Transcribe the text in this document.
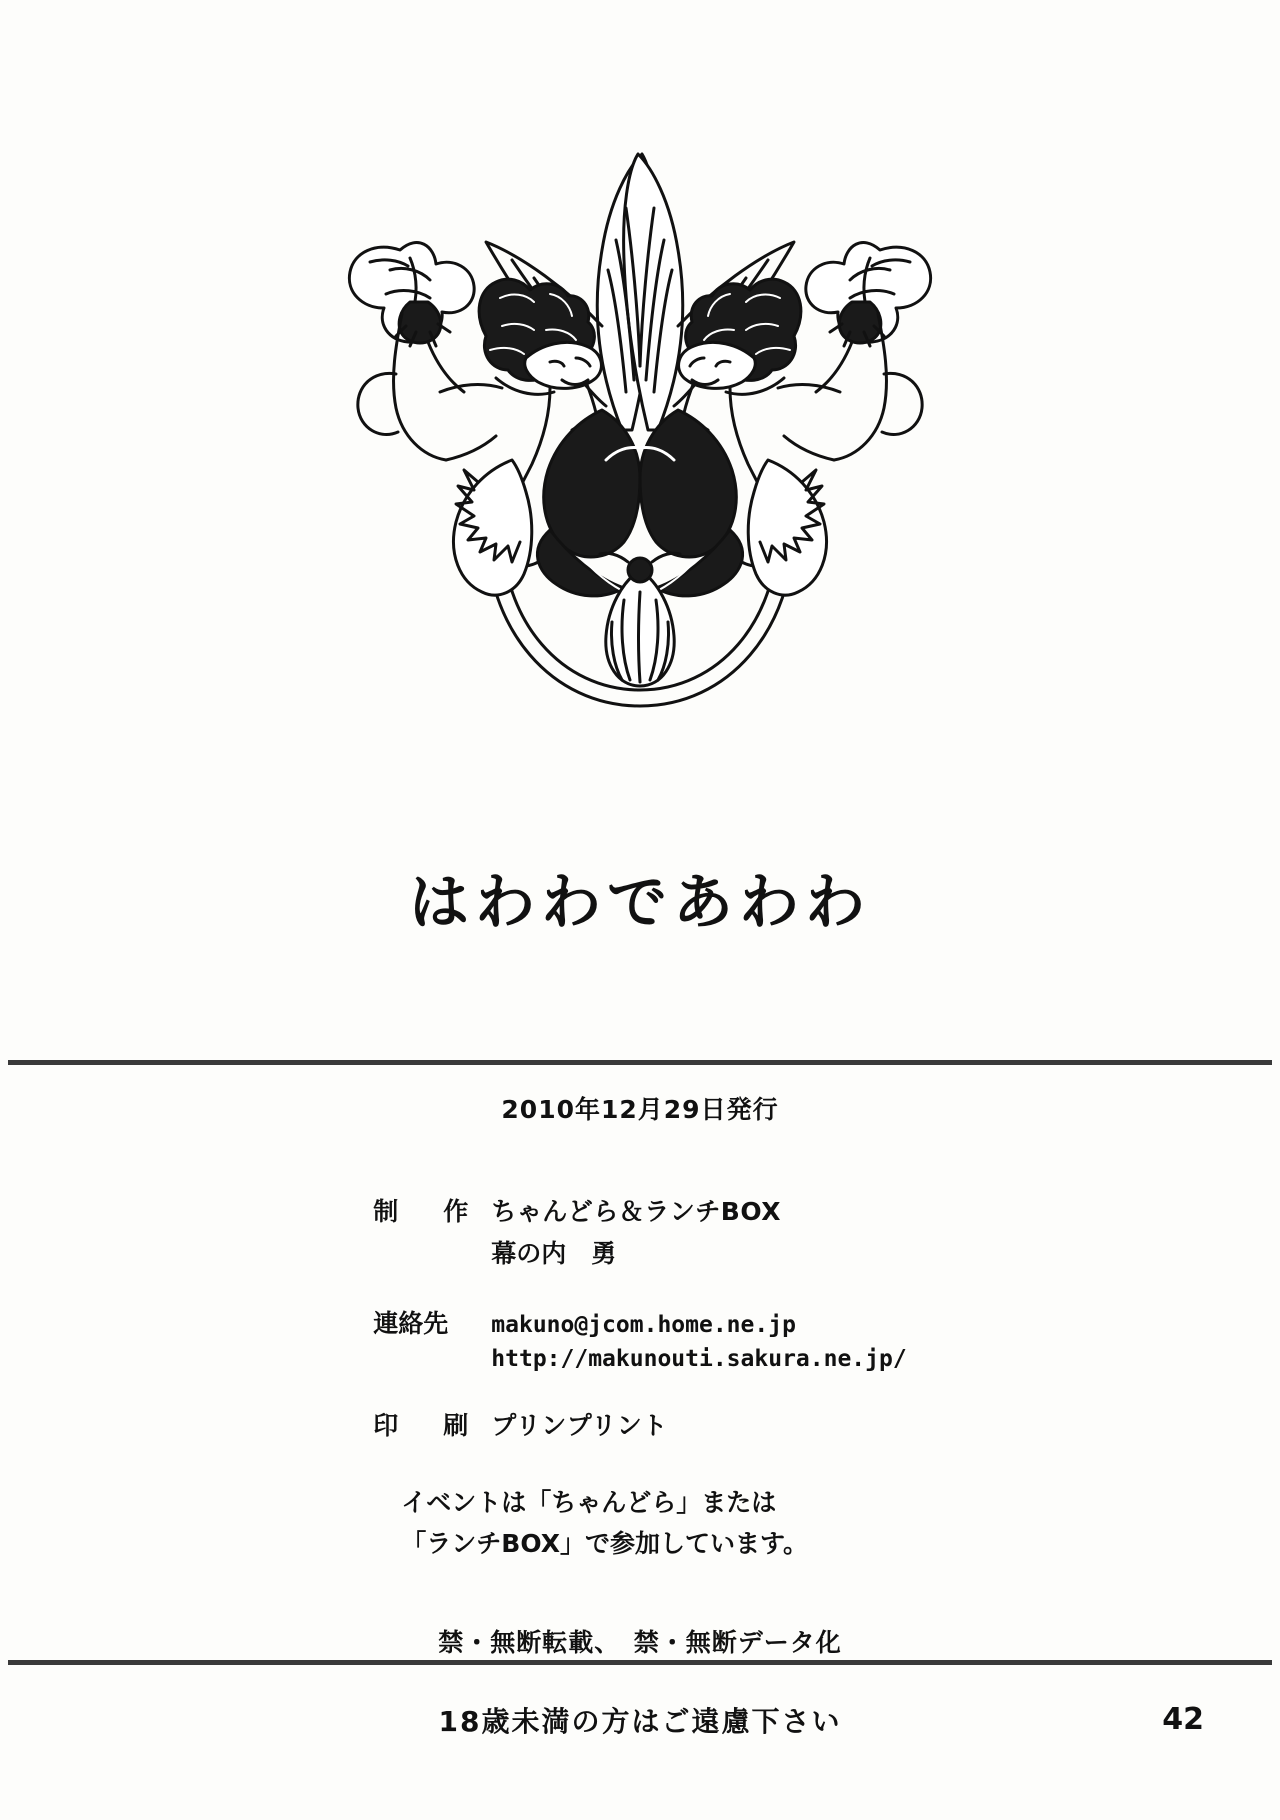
はわわであわわ
2010年12月29日発行
制　作 ちゃんどら＆ランチBOX
幕の内　勇
連絡先	makuno@jcom.home.ne.jp
http://makunouti.sakura.ne.jp/
印　刷 プリンプリント
イベントは「ちゃんどら」または
「ランチBOX」で参加しています。
禁・無断転載、　禁・無断データ化
18歳未満の方はご遠慮下さい	42
